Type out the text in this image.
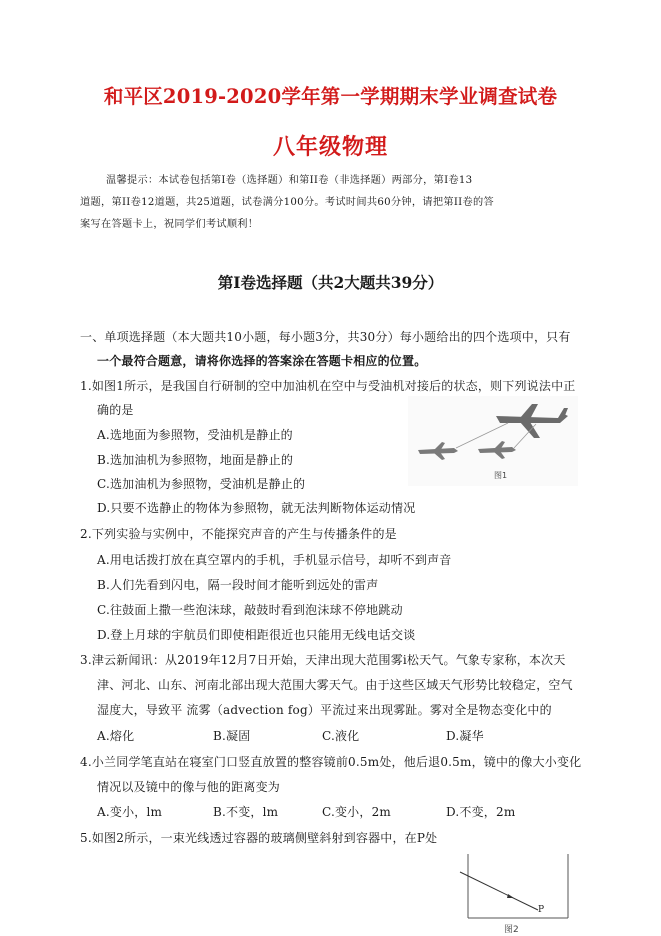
和平区2019-2020学年第一学期期末学业调查试卷
八年级物理
温馨提示：本试卷包括第I卷（选择题）和第II卷（非选择题）两部分，第I卷13
道题，第II卷12道题，共25道题，试卷满分100分。考试时间共60分钟，请把第II卷的答
案写在答题卡上，祝同学们考试顺利！
第I卷选择题（共2大题共39分）
一、单项选择题（本大题共10小题，每小题3分，共30分）每小题给出的四个选项中，只有
一个最符合题意，请将你选择的答案涂在答题卡相应的位置。
1.如图1所示，是我国自行研制的空中加油机在空中与受油机对接后的状态，则下列说法中正
确的是
A.选地面为参照物，受油机是静止的
B.选加油机为参照物，地面是静止的
C.选加油机为参照物，受油机是静止的
D.只要不选静止的物体为参照物，就无法判断物体运动情况
图1
2.下列实验与实例中，不能探究声音的产生与传播条件的是
A.用电话拨打放在真空罩内的手机，手机显示信号，却听不到声音
B.人们先看到闪电，隔一段时间才能听到远处的雷声
C.往鼓面上撒一些泡沫球，敲鼓时看到泡沫球不停地跳动
D.登上月球的宇航员们即使相距很近也只能用无线电话交谈
3.津云新闻讯：从2019年12月7日开始，天津出现大范围雾i松天气。气象专家称，本次天
津、河北、山东、河南北部出现大范围大雾天气。由于这些区域天气形势比较稳定，空气
湿度大，导致平 流雾（advection fog）平流过来出现雾趾。雾对全是物态变化中的
A.熔化	B.凝固	C.液化	D.凝华
4.小兰同学笔直站在寝室门口竖直放置的整容镜前0.5m处，他后退0.5m，镜中的像大小变化
情况以及镜中的像与他的距离变为
A.变小，lm	B.不变，lm	C.变小，2m	D.不变，2m
5.如图2所示，一束光线透过容器的玻璃侧壁斜射到容器中，在P处
P
图2
